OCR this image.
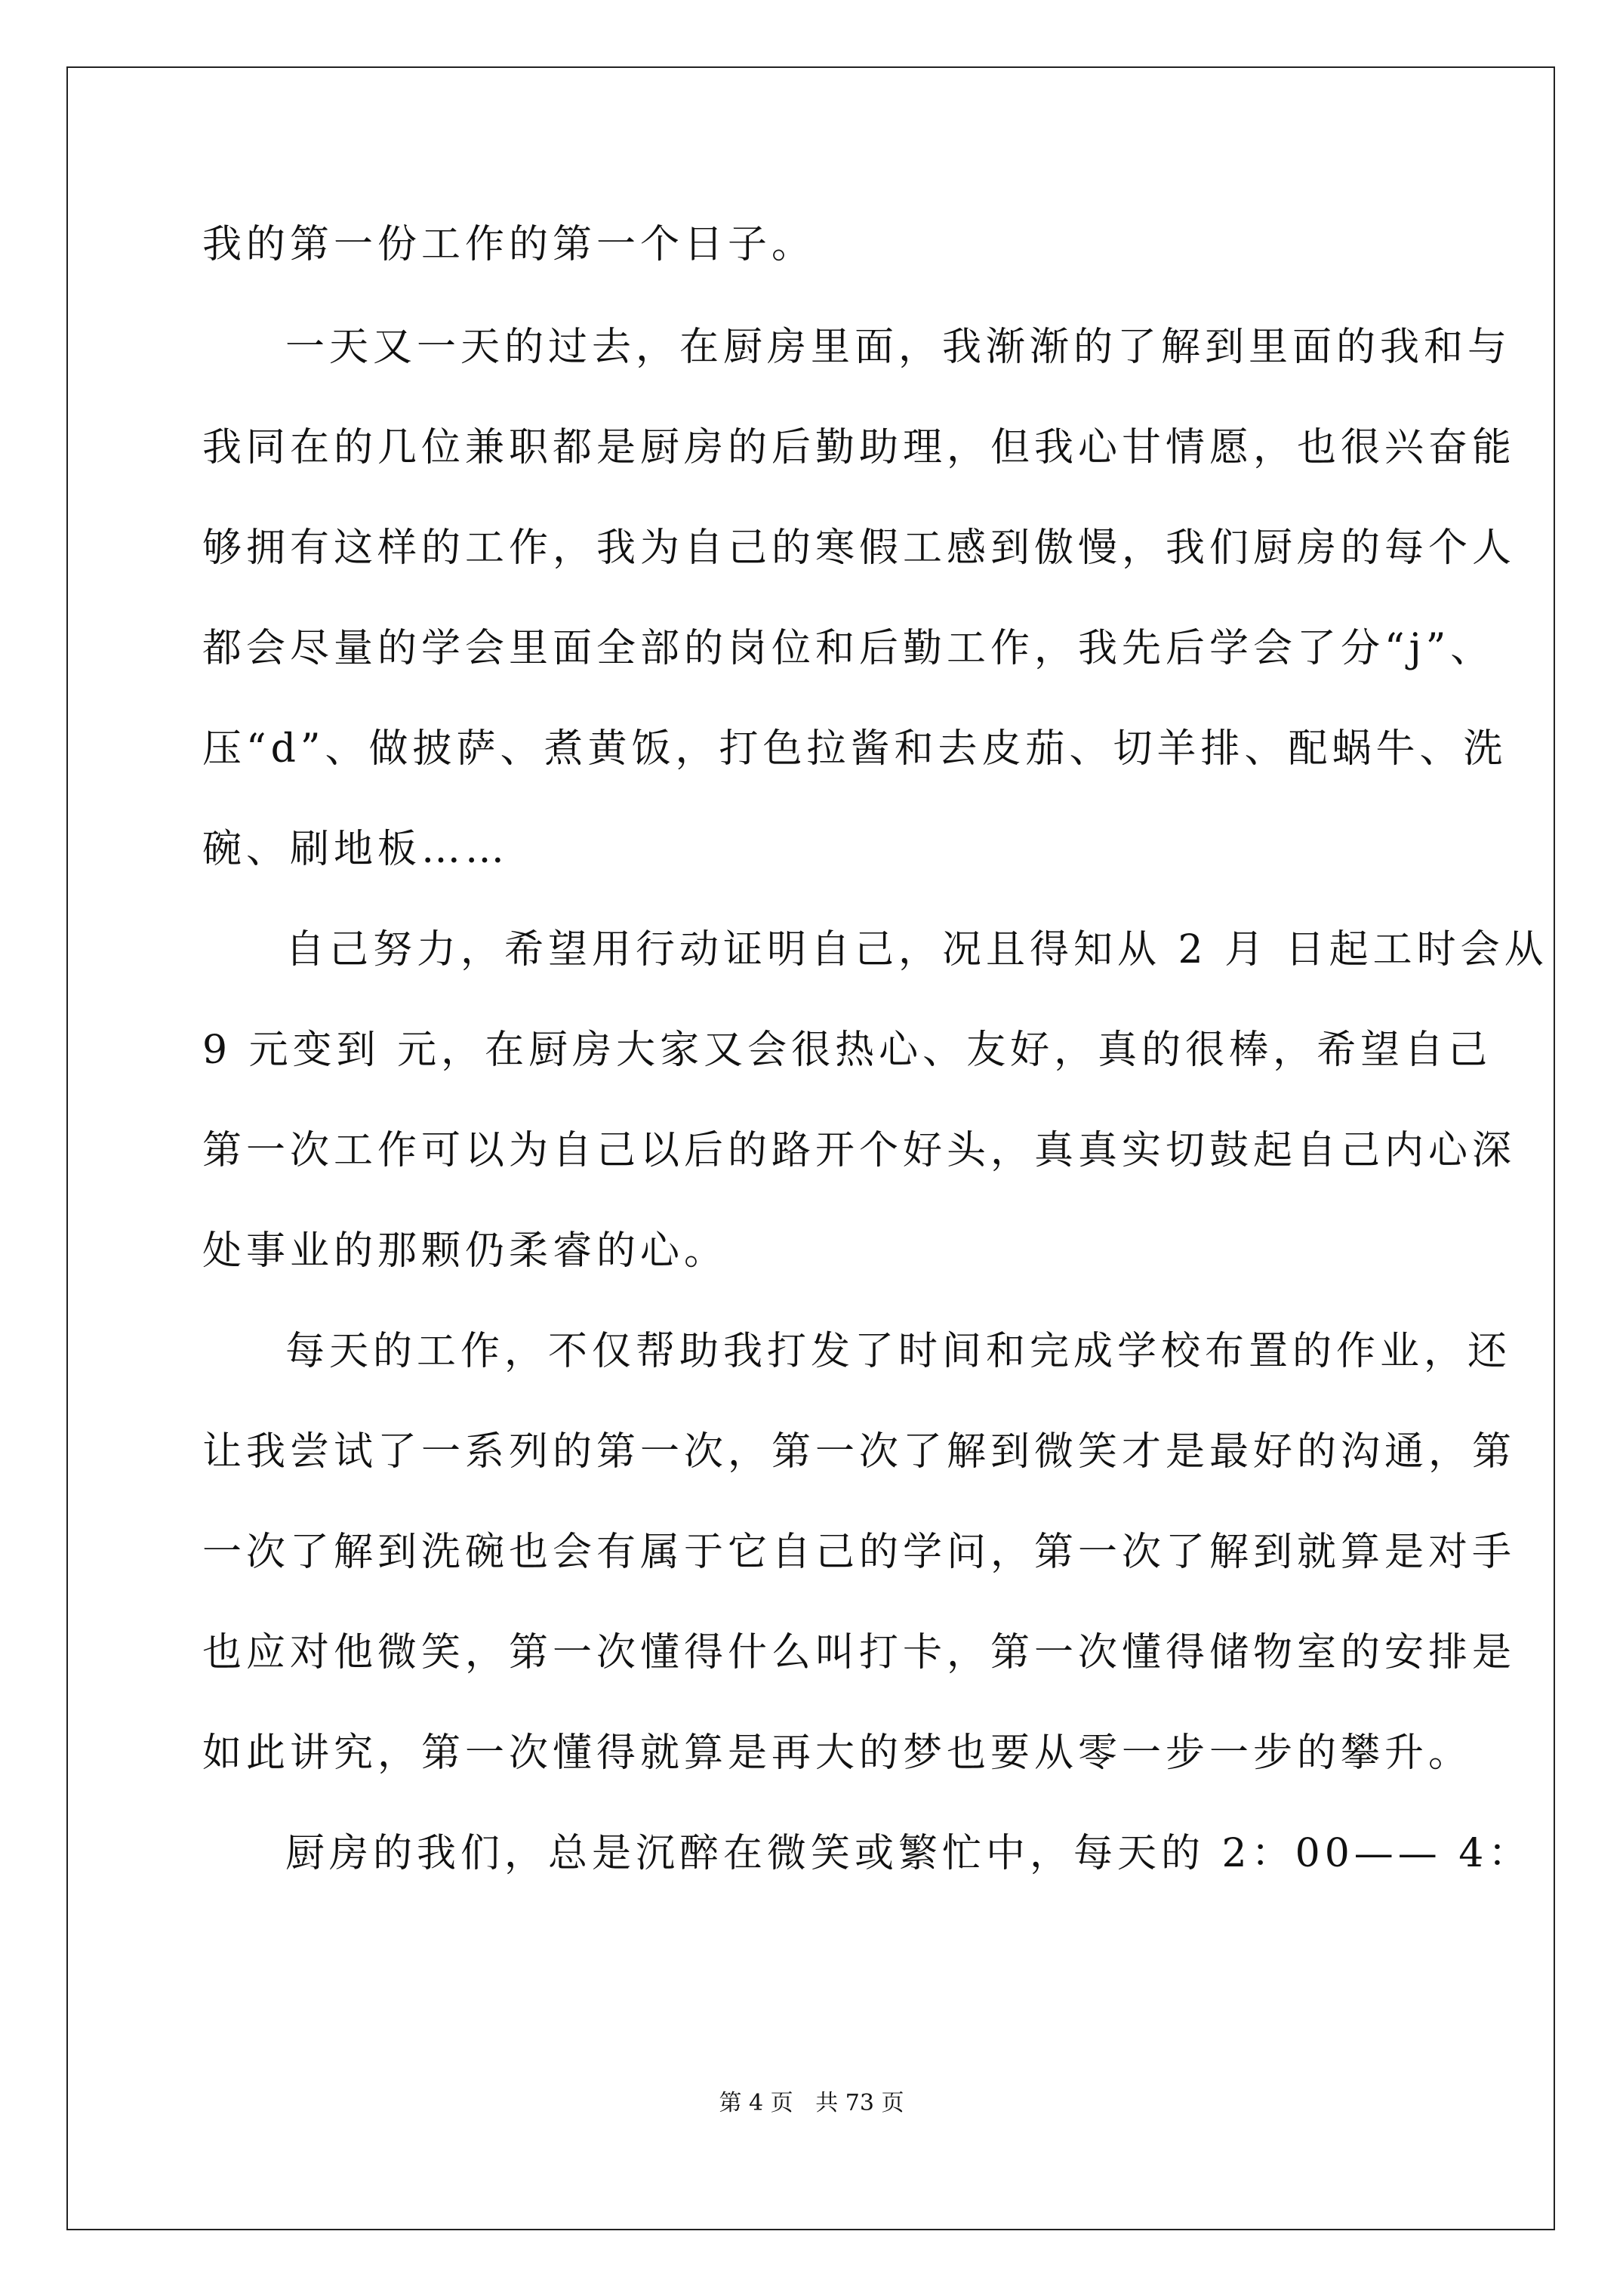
我的第一份工作的第一个日子。
一天又一天的过去，在厨房里面，我渐渐的了解到里面的我和与
我同在的几位兼职都是厨房的后勤助理，但我心甘情愿，也很兴奋能
够拥有这样的工作，我为自己的寒假工感到傲慢，我们厨房的每个人
都会尽量的学会里面全部的岗位和后勤工作，我先后学会了分“j”、
压“d”、做披萨、煮黄饭，打色拉酱和去皮茄、切羊排、配蜗牛、洗
碗、刷地板……
自己努力，希望用行动证明自己，况且得知从 2 月 日起工时会从
9 元变到 元，在厨房大家又会很热心、友好，真的很棒，希望自己
第一次工作可以为自己以后的路开个好头，真真实切鼓起自己内心深
处事业的那颗仍柔睿的心。
每天的工作，不仅帮助我打发了时间和完成学校布置的作业，还
让我尝试了一系列的第一次，第一次了解到微笑才是最好的沟通，第
一次了解到洗碗也会有属于它自己的学问，第一次了解到就算是对手
也应对他微笑，第一次懂得什么叫打卡，第一次懂得储物室的安排是
如此讲究，第一次懂得就算是再大的梦也要从零一步一步的攀升。
厨房的我们，总是沉醉在微笑或繁忙中，每天的 2：00—— 4：
第 4 页 共 73 页
